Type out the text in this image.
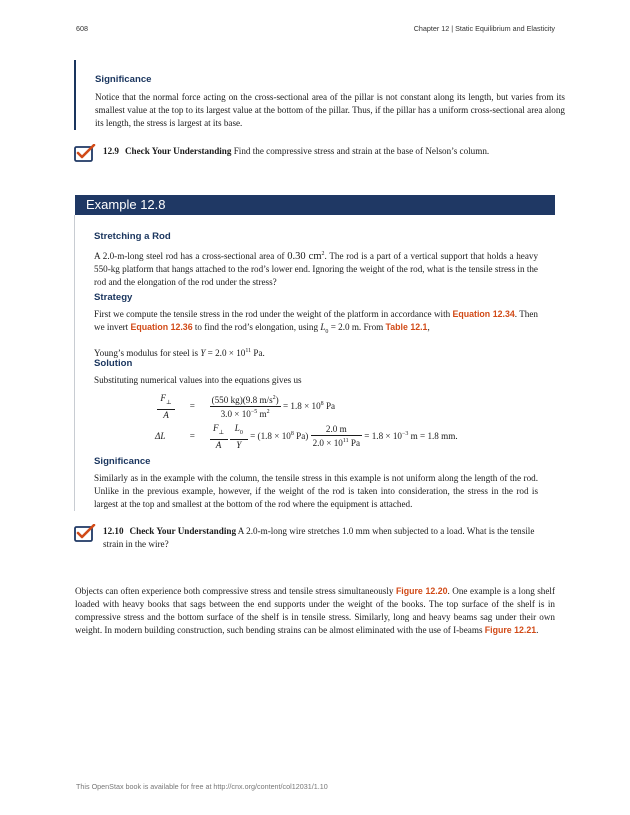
608	Chapter 12 | Static Equilibrium and Elasticity
Significance

Notice that the normal force acting on the cross-sectional area of the pillar is not constant along its length, but varies from its smallest value at the top to its largest value at the bottom of the pillar. Thus, if the pillar has a uniform cross-sectional area along its length, the stress is largest at its base.

12.9 Check Your Understanding Find the compressive stress and strain at the base of Nelson’s column.
Example 12.8
Stretching a Rod

A 2.0-m-long steel rod has a cross-sectional area of 0.30 $cm^2$. The rod is a part of a vertical support that holds a heavy 550-kg platform that hangs attached to the rod’s lower end. Ignoring the weight of the rod, what is the tensile stress in the rod and the elongation of the rod under the stress?

Strategy

First we compute the tensile stress in the rod under the weight of the platform in accordance with Equation 12.34. Then we invert Equation 12.36 to find the rod’s elongation, using $L_0 = 2.0$ m. From Table 12.1,

Young’s modulus for steel is $Y = 2.0 \times 10^{11}$ Pa.

Solution

Substituting numerical values into the equations gives us

$\frac{F_\perp}{A} = \frac{(550 kg)(9.8 m/s^2)}{3.0 \times 10^{-5} m^2} = 1.8 \times 10^8$ Pa
ΔL	= $\frac{F_\perp}{A}$
$\frac{L_0}{Y} = (1.8 \times 10^8$ $Pa) \frac{2.0 m}{2.0 \times 10^{11} Pa} = 1.8 \times 10^{-3}$ m = 1.8 mm.
Significance

Similarly as in the example with the column, the tensile stress in this example is not uniform along the length of the rod. Unlike in the previous example, however, if the weight of the rod is taken into consideration, the stress in the rod is largest at the top and smallest at the bottom of the rod where the equipment is attached.

12.10 Check Your Understanding A 2.0-m-long wire stretches 1.0 mm when subjected to a load. What is the tensile strain in the wire?

Objects can often experience both compressive stress and tensile stress simultaneously Figure 12.20. One example is a long shelf loaded with heavy books that sags between the end supports under the weight of the books. The top surface of the shelf is in compressive stress and the bottom surface of the shelf is in tensile stress. Similarly, long and heavy beams sag under their own weight. In modern building construction, such bending strains can be almost eliminated with the use of I-beams Figure 12.21.

This OpenStax book is available for free at http://cnx.org/content/col12031/1.10
